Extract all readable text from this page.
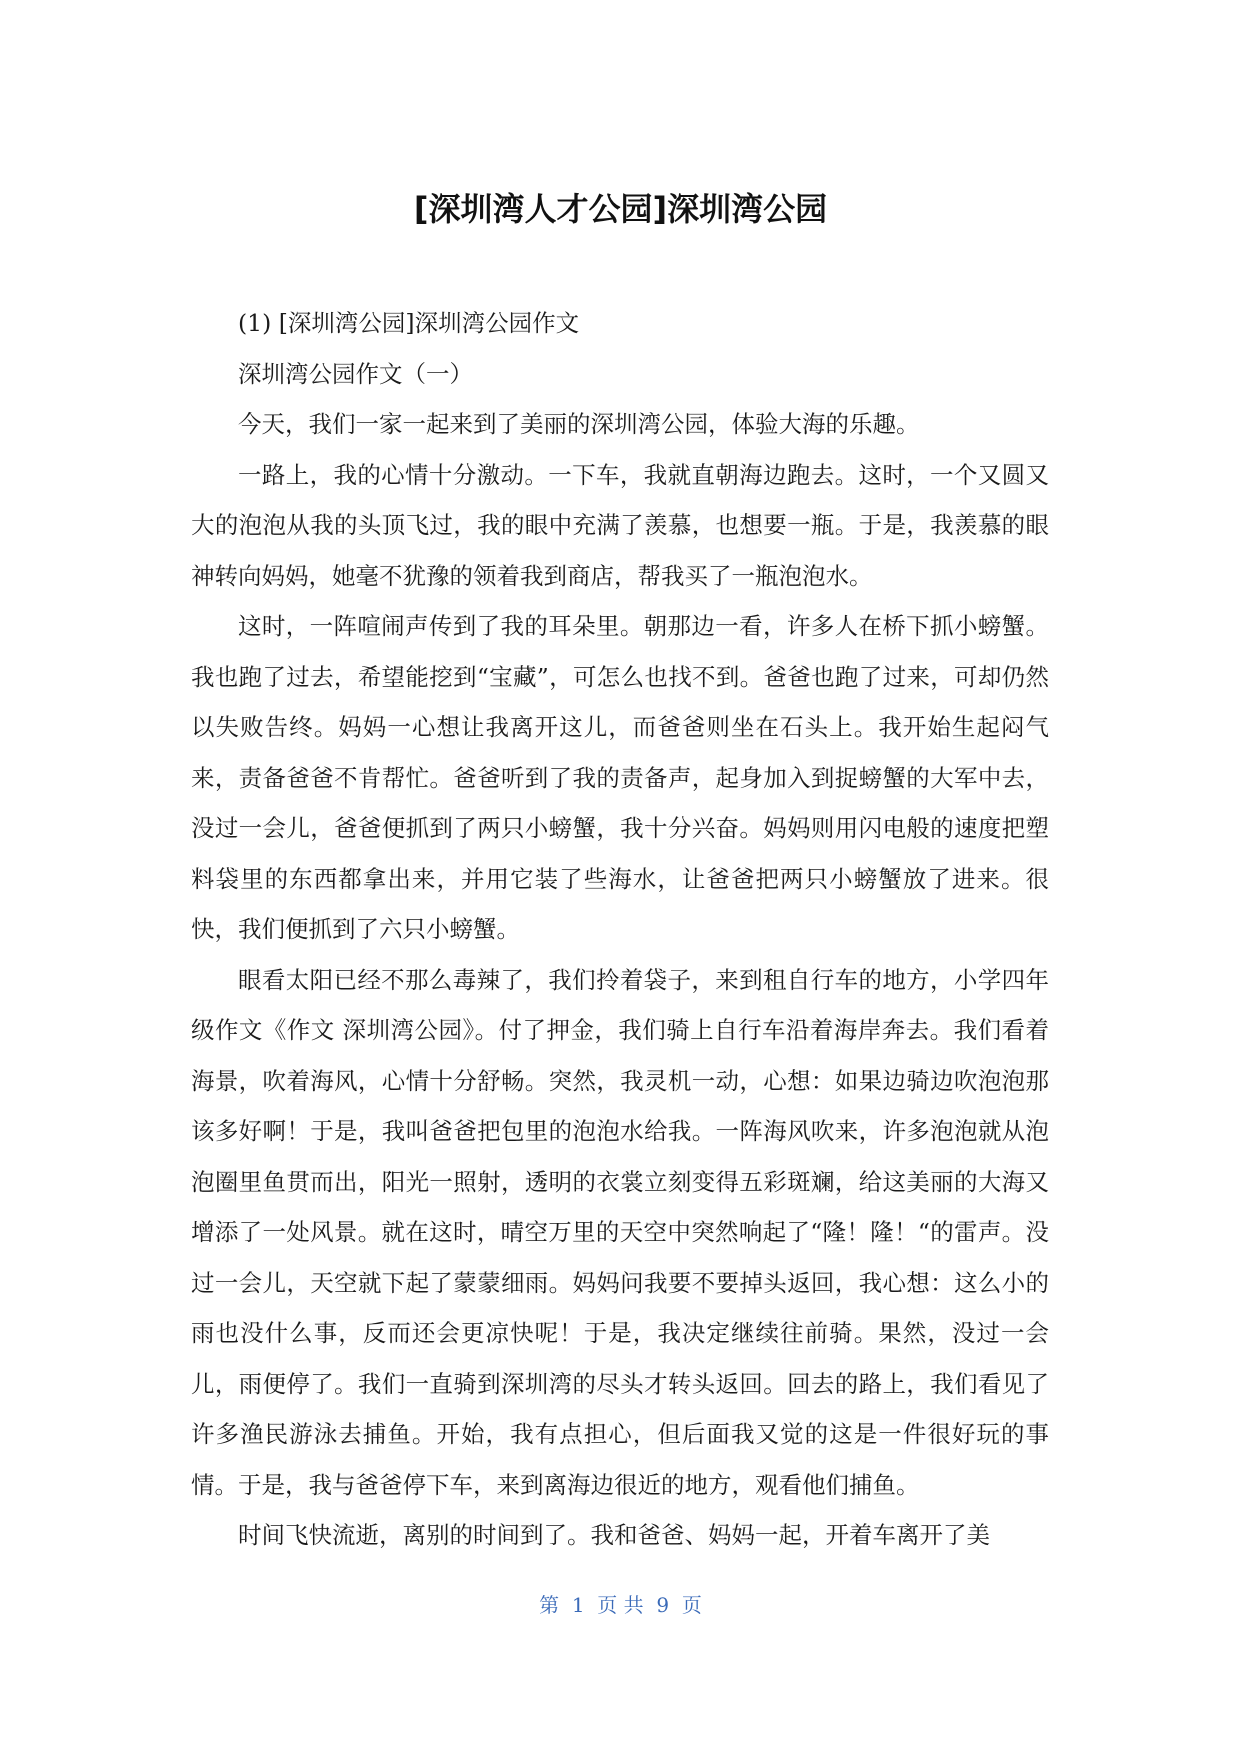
[深圳湾人才公园]深圳湾公园

(1) [深圳湾公园]深圳湾公园作文

深圳湾公园作文（一）

今天，我们一家一起来到了美丽的深圳湾公园，体验大海的乐趣。

一路上，我的心情十分激动。一下车，我就直朝海边跑去。这时，一个又圆又大的泡泡从我的头顶飞过，我的眼中充满了羡慕，也想要一瓶。于是，我羡慕的眼神转向妈妈，她毫不犹豫的领着我到商店，帮我买了一瓶泡泡水。

这时，一阵喧闹声传到了我的耳朵里。朝那边一看，许多人在桥下抓小螃蟹。我也跑了过去，希望能挖到“宝藏”，可怎么也找不到。爸爸也跑了过来，可却仍然以失败告终。妈妈一心想让我离开这儿，而爸爸则坐在石头上。我开始生起闷气来，责备爸爸不肯帮忙。爸爸听到了我的责备声，起身加入到捉螃蟹的大军中去，没过一会儿，爸爸便抓到了两只小螃蟹，我十分兴奋。妈妈则用闪电般的速度把塑料袋里的东西都拿出来，并用它装了些海水，让爸爸把两只小螃蟹放了进来。很快，我们便抓到了六只小螃蟹。

眼看太阳已经不那么毒辣了，我们拎着袋子，来到租自行车的地方，小学四年级作文《作文 深圳湾公园》。付了押金，我们骑上自行车沿着海岸奔去。我们看着海景，吹着海风，心情十分舒畅。突然，我灵机一动，心想：如果边骑边吹泡泡那该多好啊！于是，我叫爸爸把包里的泡泡水给我。一阵海风吹来，许多泡泡就从泡泡圈里鱼贯而出，阳光一照射，透明的衣裳立刻变得五彩斑斓，给这美丽的大海又增添了一处风景。就在这时，晴空万里的天空中突然响起了“隆！隆！“的雷声。没过一会儿，天空就下起了蒙蒙细雨。妈妈问我要不要掉头返回，我心想：这么小的雨也没什么事，反而还会更凉快呢！于是，我决定继续往前骑。果然，没过一会儿，雨便停了。我们一直骑到深圳湾的尽头才转头返回。回去的路上，我们看见了许多渔民游泳去捕鱼。开始，我有点担心，但后面我又觉的这是一件很好玩的事情。于是，我与爸爸停下车，来到离海边很近的地方，观看他们捕鱼。

时间飞快流逝，离别的时间到了。我和爸爸、妈妈一起，开着车离开了美

第  1  页 共  9  页
